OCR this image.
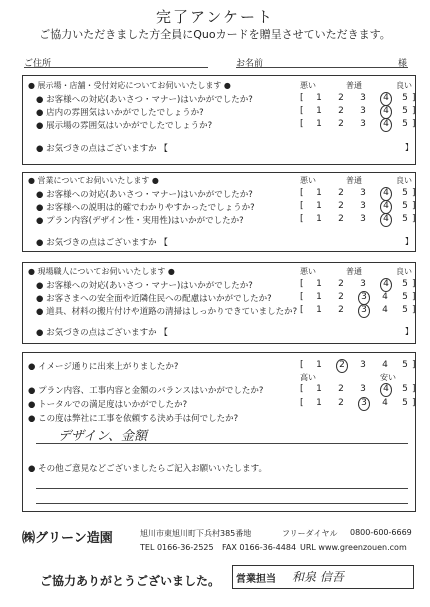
完了アンケート
ご協力いただきました方全員にQuoカードを贈呈させていただきます。
ご住所	お名前	様
● 展示場・店舗・受付対応についてお伺いいたします ●	悪い	普通	良い
● お客様への対応(あいさつ・マナー)はいかがでしたか?	[ 1 2 3	4	5 ]
● 店内の雰囲気はいかがでしたでしょうか?	[ 1 2 3	4	5 ]
● 展示場の雰囲気はいかがでしたでしょうか?	[ 1 2 3	4	5 ]
● お気づきの点はございますか 【	】
● 営業についてお伺いいたします ●	悪い	普通	良い
● お客様への対応(あいさつ・マナー)はいかがでしたか?	[ 1 2 3	4	5 ]
● お客様への説明は的確でわかりやすかったでしょうか?	[ 1 2 3	4	5 ]
● プラン内容(デザイン性・実用性)はいかがでしたか?	[ 1 2 3	4	5 ]
● お気づきの点はございますか 【	】
● 現場職人についてお伺いいたします ●	悪い	普通	良い
● お客様への対応(あいさつ・マナー)はいかがでしたか?	[ 1 2 3	4	5 ]
● お客さまへの安全面や近隣住民への配慮はいかがでしたか?	[ 1 2	3	4 5 ]
● 道具、材料の搬片付けや道路の清掃はしっかりできていましたか? [ 1 2	3	4 5 ]
● お気づきの点はございますか 【	】
● イメージ通りに出来上がりましたか?	[ 1	2	3 4 5 ]
高い	安い
● プラン内容、工事内容と金額のバランスはいかがでしたか?	[ 1 2 3	4	5 ]
● トータルでの満足度はいかがでしたか?	[ 1 2	3	4 5 ]
● この度は弊社に工事を依頼する決め手は何でしたか?
デザイン、金額
● その他ご意見などございましたらご記入お願いいたします。
㈱グリーン造園	旭川市東旭川町下兵村385番地	フリーダイヤル 0800-600-6669
TEL 0166-36-2525 FAX 0166-36-4484 URL www.greenzouen.com
ご協力ありがとうございました。 営業担当 和泉 信吾
